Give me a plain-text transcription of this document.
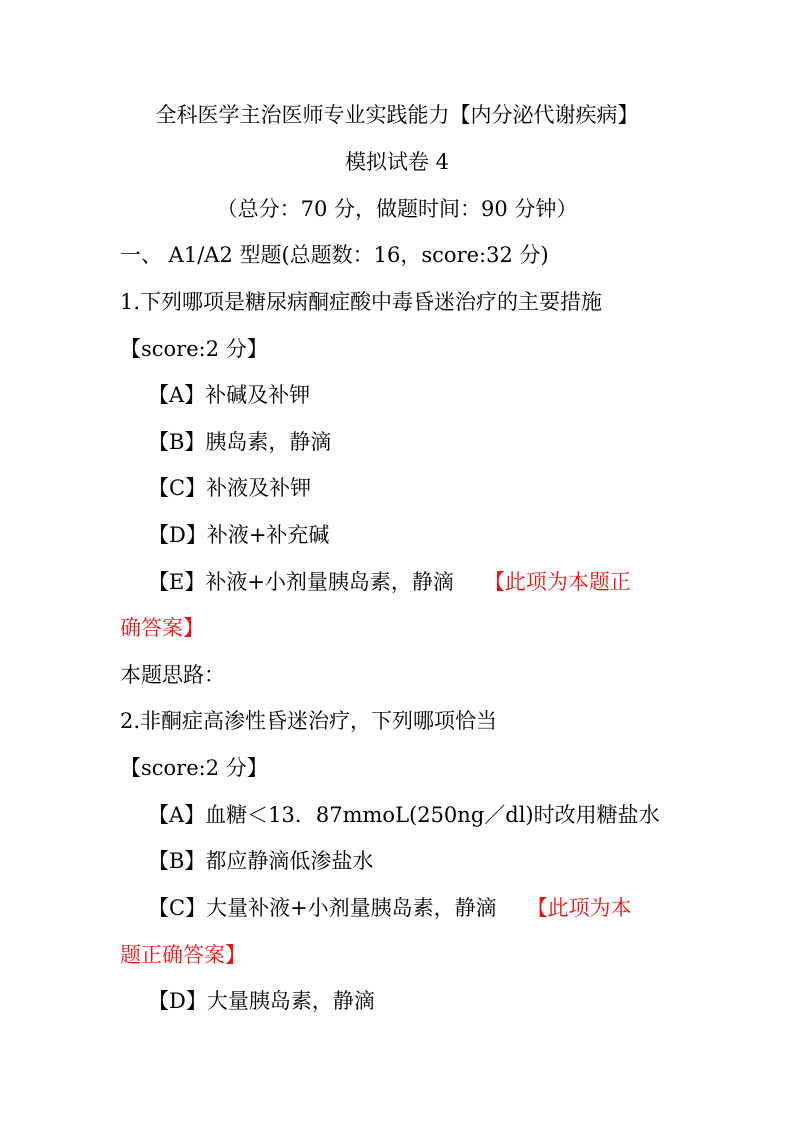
全科医学主治医师专业实践能力【内分泌代谢疾病】
模拟试卷 4
（总分：70 分，做题时间：90 分钟）
一、 A1/A2 型题(总题数：16，score:32 分)
1.下列哪项是糖尿病酮症酸中毒昏迷治疗的主要措施
【score:2 分】
【A】补碱及补钾
【B】胰岛素，静滴
【C】补液及补钾
【D】补液+补充碱
【E】补液+小剂量胰岛素，静滴 【此项为本题正
确答案】
本题思路：
2.非酮症高渗性昏迷治疗，下列哪项恰当
【score:2 分】
【A】血糖＜13．87mmoL(250ng／dl)时改用糖盐水
【B】都应静滴低渗盐水
【C】大量补液+小剂量胰岛素，静滴 【此项为本
题正确答案】
【D】大量胰岛素，静滴
